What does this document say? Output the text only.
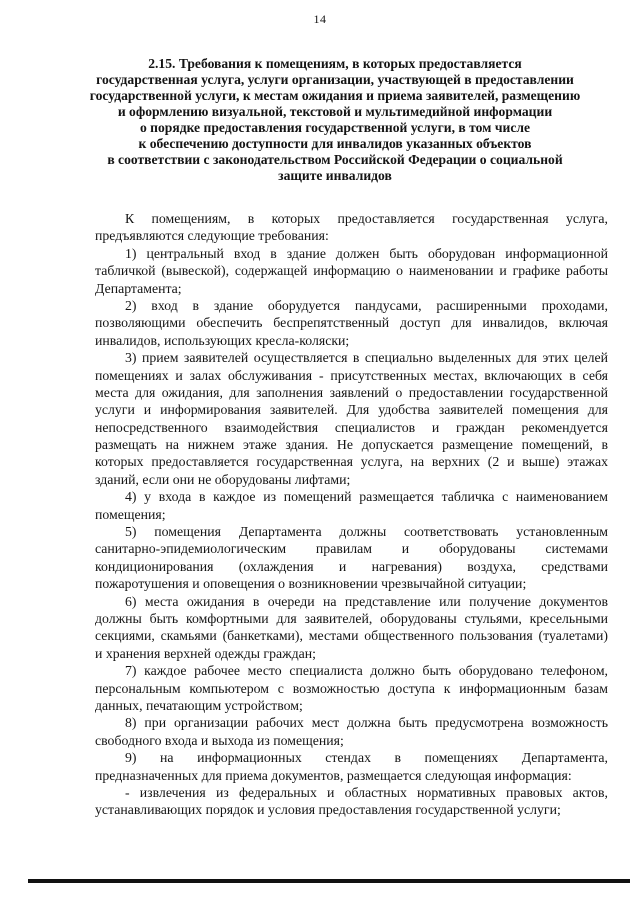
14
2.15. Требования к помещениям, в которых предоставляется
государственная услуга, услуги организации, участвующей в предоставлении
государственной услуги, к местам ожидания и приема заявителей, размещению
и оформлению визуальной, текстовой и мультимедийной информации
о порядке предоставления государственной услуги, в том числе
к обеспечению доступности для инвалидов указанных объектов
в соответствии с законодательством Российской Федерации о социальной
защите инвалидов
К помещениям, в которых предоставляется государственная услуга,
предъявляются следующие требования:
1) центральный вход в здание должен быть оборудован информационной
табличкой (вывеской), содержащей информацию о наименовании и графике работы
Департамента;
2) вход в здание оборудуется пандусами, расширенными проходами,
позволяющими обеспечить беспрепятственный доступ для инвалидов, включая
инвалидов, использующих кресла-коляски;
3) прием заявителей осуществляется в специально выделенных для этих целей
помещениях и залах обслуживания - присутственных местах, включающих в себя
места для ожидания, для заполнения заявлений о предоставлении государственной
услуги и информирования заявителей. Для удобства заявителей помещения для
непосредственного взаимодействия специалистов и граждан рекомендуется
размещать на нижнем этаже здания. Не допускается размещение помещений, в
которых предоставляется государственная услуга, на верхних (2 и выше) этажах
зданий, если они не оборудованы лифтами;
4) у входа в каждое из помещений размещается табличка с наименованием
помещения;
5) помещения Департамента должны соответствовать установленным
санитарно-эпидемиологическим правилам и оборудованы системами
кондиционирования (охлаждения и нагревания) воздуха, средствами
пожаротушения и оповещения о возникновении чрезвычайной ситуации;
6) места ожидания в очереди на представление или получение документов
должны быть комфортными для заявителей, оборудованы стульями, кресельными
секциями, скамьями (банкетками), местами общественного пользования (туалетами)
и хранения верхней одежды граждан;
7) каждое рабочее место специалиста должно быть оборудовано телефоном,
персональным компьютером с возможностью доступа к информационным базам
данных, печатающим устройством;
8) при организации рабочих мест должна быть предусмотрена возможность
свободного входа и выхода из помещения;
9) на информационных стендах в помещениях Департамента,
предназначенных для приема документов, размещается следующая информация:
- извлечения из федеральных и областных нормативных правовых актов,
устанавливающих порядок и условия предоставления государственной услуги;
